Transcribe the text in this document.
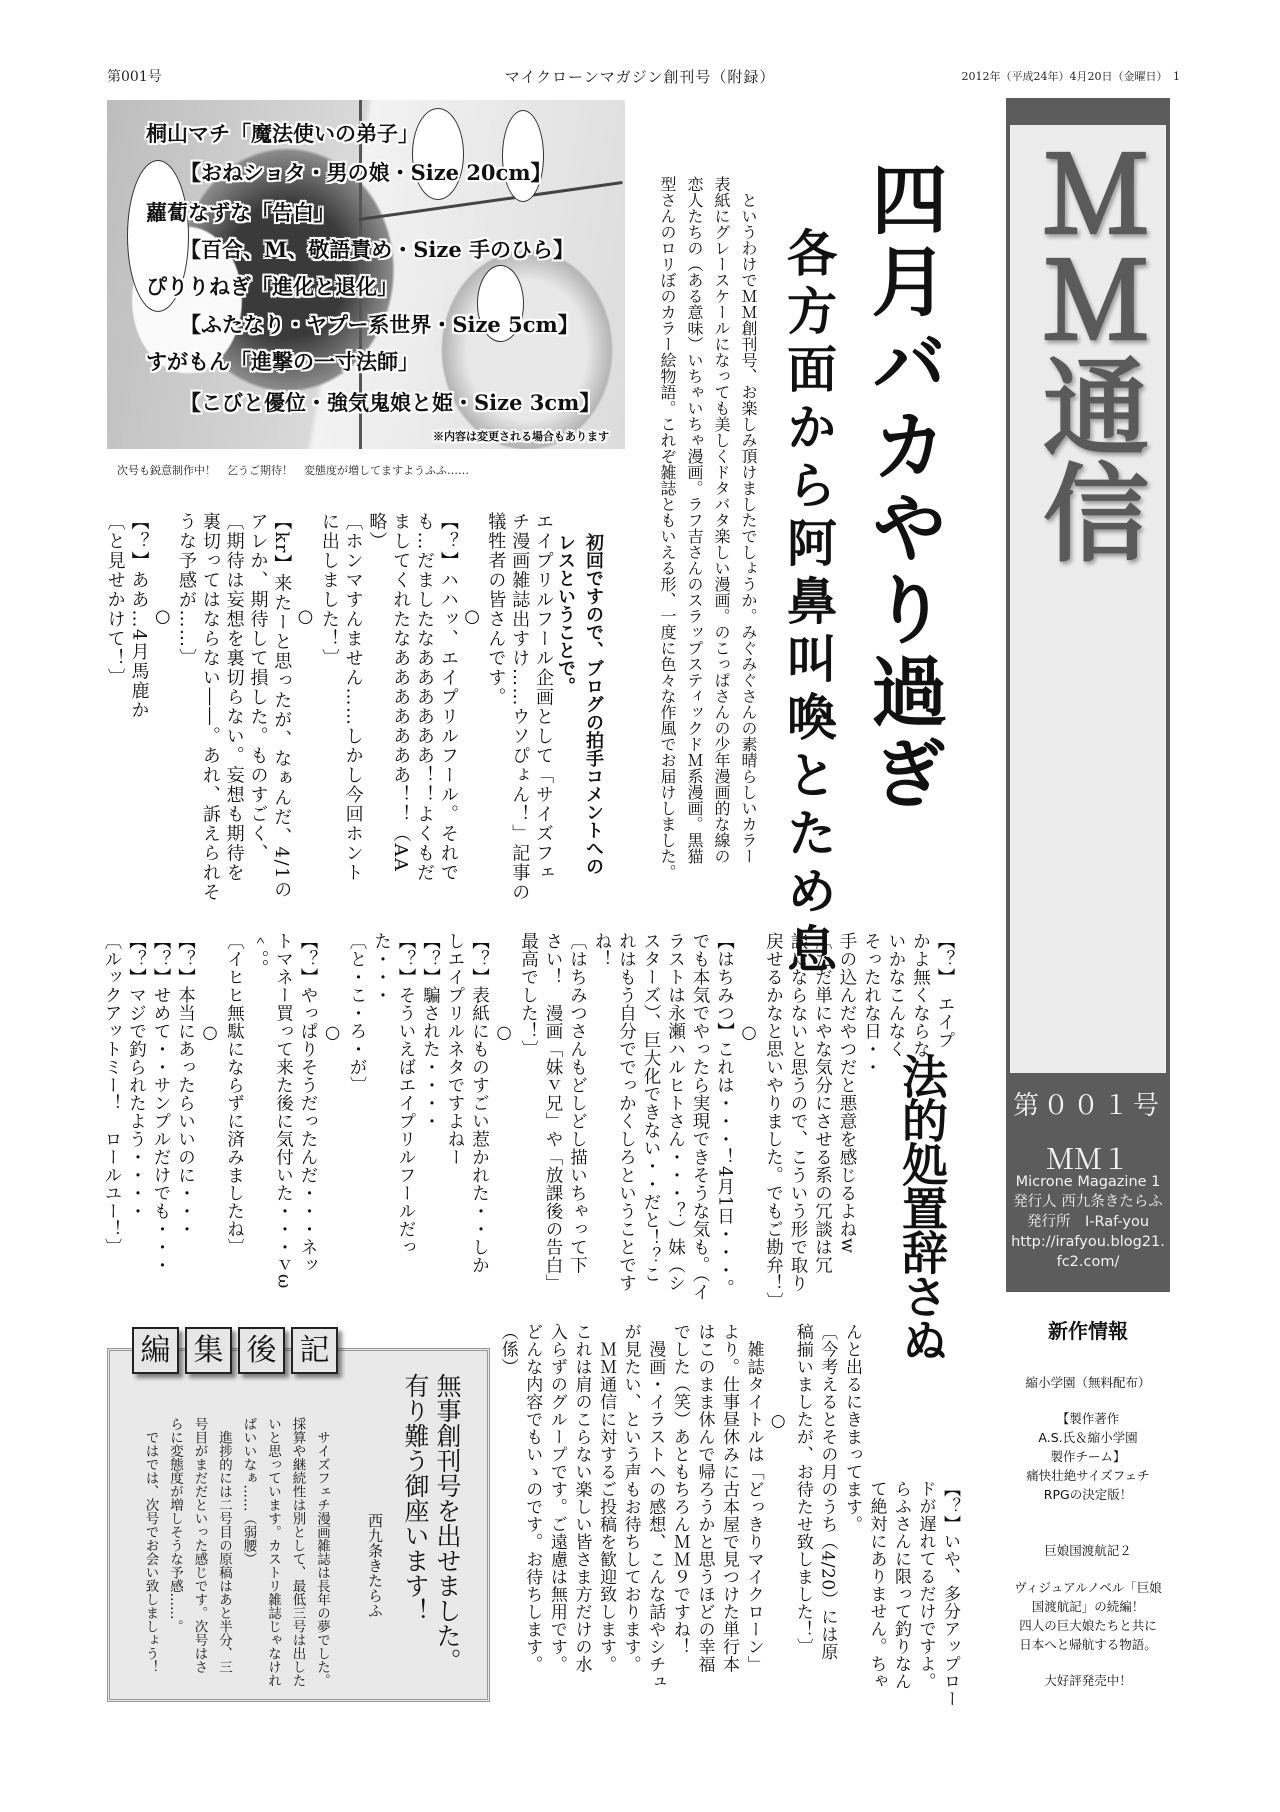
第001号	マイクローンマガジン創刊号（附録）	2012年（平成24年）4月20日（金曜日）　1
桐山マチ「魔法使いの弟子」
【おねショタ・男の娘・Size 20cm】
蘿蔔なずな「告白」
【百合、M、敬語責め・Size 手のひら】
ぴりりねぎ「進化と退化」
【ふたなり・ヤプー系世界・Size 5cm】
すがもん「進撃の一寸法師」
【こびと優位・強気鬼娘と姫・Size 3cm】
※内容は変更される場合もあります
次号も鋭意制作中！　乞うご期待！　変態度が増してますようふふ……	四月バカやり過ぎ
各方面から阿鼻叫喚とため息
　というわけでＭＭ創刊号、お楽しみ頂けましたでしょうか。みぐみぐさんの素晴らしいカラー
表紙にグレースケールになっても美しくドタバタ楽しい漫画。のこっぱさんの少年漫画的な線の
恋人たちの（ある意味）いちゃいちゃ漫画。ラフ吉さんのスラップスティックドＭ系漫画。黒猫
型さんのロリぼのカラー絵物語。これぞ雑誌ともいえる形、一度に色々な作風でお届けしました。
初回ですので、ブログの拍手コメントへの
レスということで。
エイプリルフール企画として「サイズフェ
チ漫画雑誌出すけ……ウソぴょん！」記事の
犠牲者の皆さんです。
○
【？】ハハッ、エイプリルフール。それで
も…だましたなああああああ！！よくもだ
ましてくれたなあああああああ！！（AA
略）
〔ホンマすんません……しかし今回ホント
に出しました！〕
○
【kr】来たーと思ったが、なぁんだ、4/1の
アレか、期待して損した。ものすごく、
〔期待は妄想を裏切らない。妄想も期待を
裏切ってはならない――。あれ、訴えられそ
うな予感が……〕
○
【？】ああ…4月馬鹿か
〔と見せかけて！〕
【？】　エイプ
かよ無くならな
いかなこんなく
そったれな日・・
手の込んだやつだと悪意を感じるよねw
〔ただ単にやな気分にさせる系の冗談は冗
談にならないと思うので、こういう形で取り
戻せるかなと思いやりました。でもご勘弁！〕
○
【はちみつ】これは・・・！4月1日・・・。
でも本気でやったら実現できそうな気も。（イ
ラストは永瀬ハルヒトさん・・・？）妹（シ
スターズ）、巨大化できない・・だと！？こ
れはもう自分ででっかくしろということです
ね！
〔はちみつさんもどしどし描いちゃって下
さい！　漫画「妹ｖ兄」や「放課後の告白」
最高でした！〕
○
【？】表紙にものすごい惹かれた・・しか
しエイプリルネタですよねー
【？】騙された・・・・
【？】そういえばエイプリルフールだっ
た・・・
〔と・こ・ろ・が〕
○
【？】やっぱりそうだったんだ・・・ネッ
トマネー買って来た後に気付いた・・・ｖω
＾。。
〔イヒヒ無駄にならずに済みましたね〕
○
【？】本当にあったらいいのに・・・
【？】せめて・・サンプルだけでも・・・
【？】マジで釣られたよう・・・・
〔ルックアットミー！　ロールユー！〕	法的処置辞さぬ
【？】いや、多分アップロー
ドが遅れてるだけですよ。
らふさんに限って釣りなん
て絶対にありません。ちゃ
んと出るにきまってます。
〔今考えるとその月のうち（4/20）には原
稿揃いましたが、お待たせ致しました！〕
○
　雑誌タイトルは「どっきりマイクローン」
より。仕事昼休みに古本屋で見つけた単行本
はこのまま休んで帰ろうかと思うほどの幸福
でした（笑）あともちろんＭＭ９ですね！
　漫画・イラストへの感想、こんな話やシチュ
が見たい、という声もお待ちしております。
　ＭＭ通信に対するご投稿を歓迎致します。
これは肩のこらない楽しい皆さま方だけの水
入らずのグループです。ご遠慮は無用です。
どんな内容でもいゝのです。お待ちします。
（係）
編 集 後 記
無事創刊号を出せました。
有り難う御座います！
西九条きたらふ
　サイズフェチ漫画雑誌は長年の夢でした。
採算や継続性は別として、最低三号は出した
いと思っています。カストリ雑誌じゃなけれ
ばいいなぁ……（弱腰）
　進捗的には二号目の原稿はあと半分、三
号目がまだだといった感じです。次号はさ
らに変態度が増しそうな予感……。
　ではでは、次号でお会い致しましょう！
ＭＭ通信
第００１号
ＭＭ１
Microne Magazine 1
発行人 西九条きたらふ
発行所　I-Raf-you
http://irafyou.blog21.
fc2.com/
新作情報
縮小学園（無料配布）
【製作著作
A.S.氏＆縮小学園
製作チーム】
痛快壮絶サイズフェチ
RPGの決定版！
巨娘国渡航記２
ヴィジュアルノベル「巨娘
国渡航記」の続編！
四人の巨大娘たちと共に
日本へと帰航する物語。
大好評発売中！
